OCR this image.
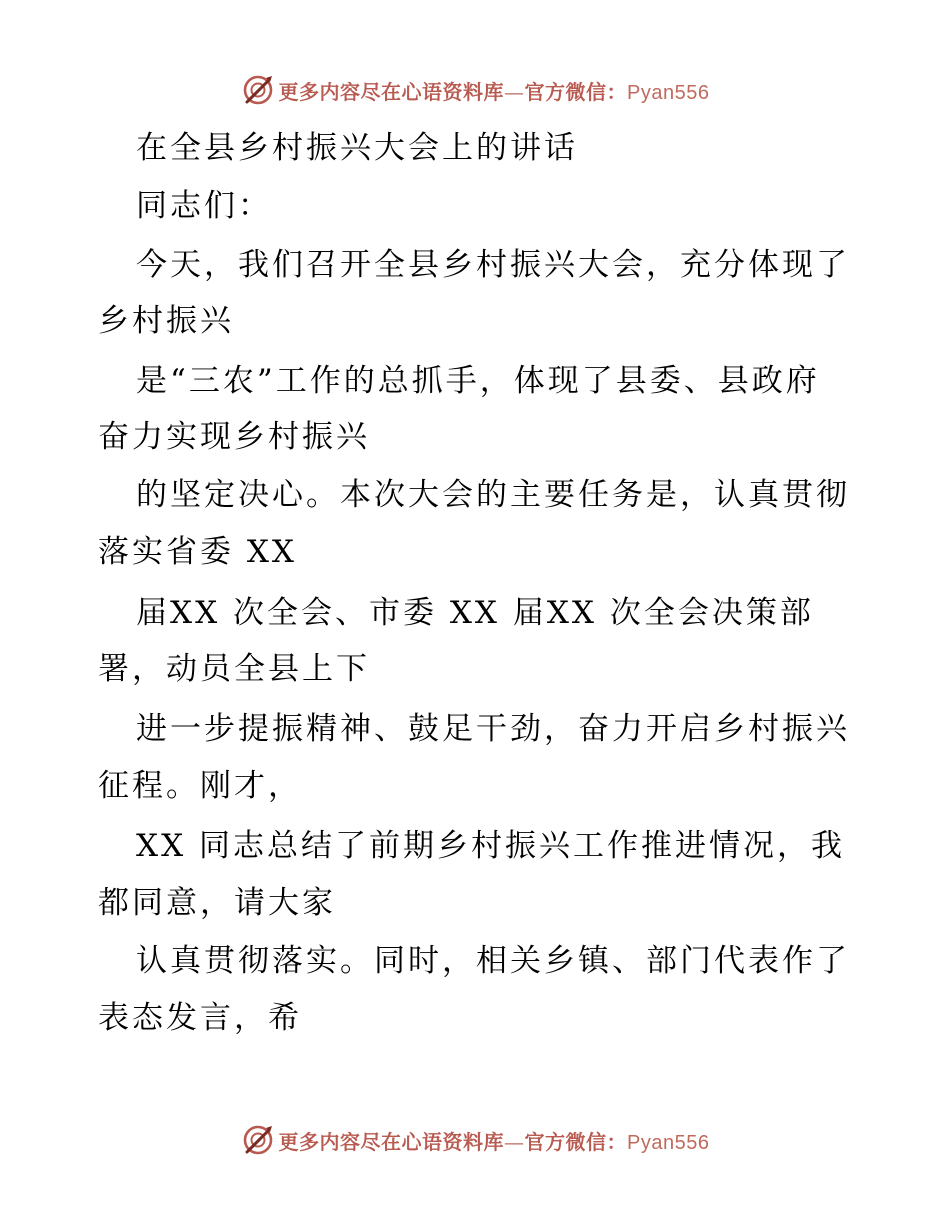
更多内容尽在心语资料库—官方微信：Pyan556
在全县乡村振兴大会上的讲话
同志们：
今天，我们召开全县乡村振兴大会，充分体现了
乡村振兴
是“三农”工作的总抓手，体现了县委、县政府
奋力实现乡村振兴
的坚定决心。本次大会的主要任务是，认真贯彻
落实省委 XX
届XX 次全会、市委 XX 届XX 次全会决策部
署，动员全县上下
进一步提振精神、鼓足干劲，奋力开启乡村振兴
征程。刚才，
XX 同志总结了前期乡村振兴工作推进情况，我
都同意，请大家
认真贯彻落实。同时，相关乡镇、部门代表作了
表态发言，希
更多内容尽在心语资料库—官方微信：Pyan556
